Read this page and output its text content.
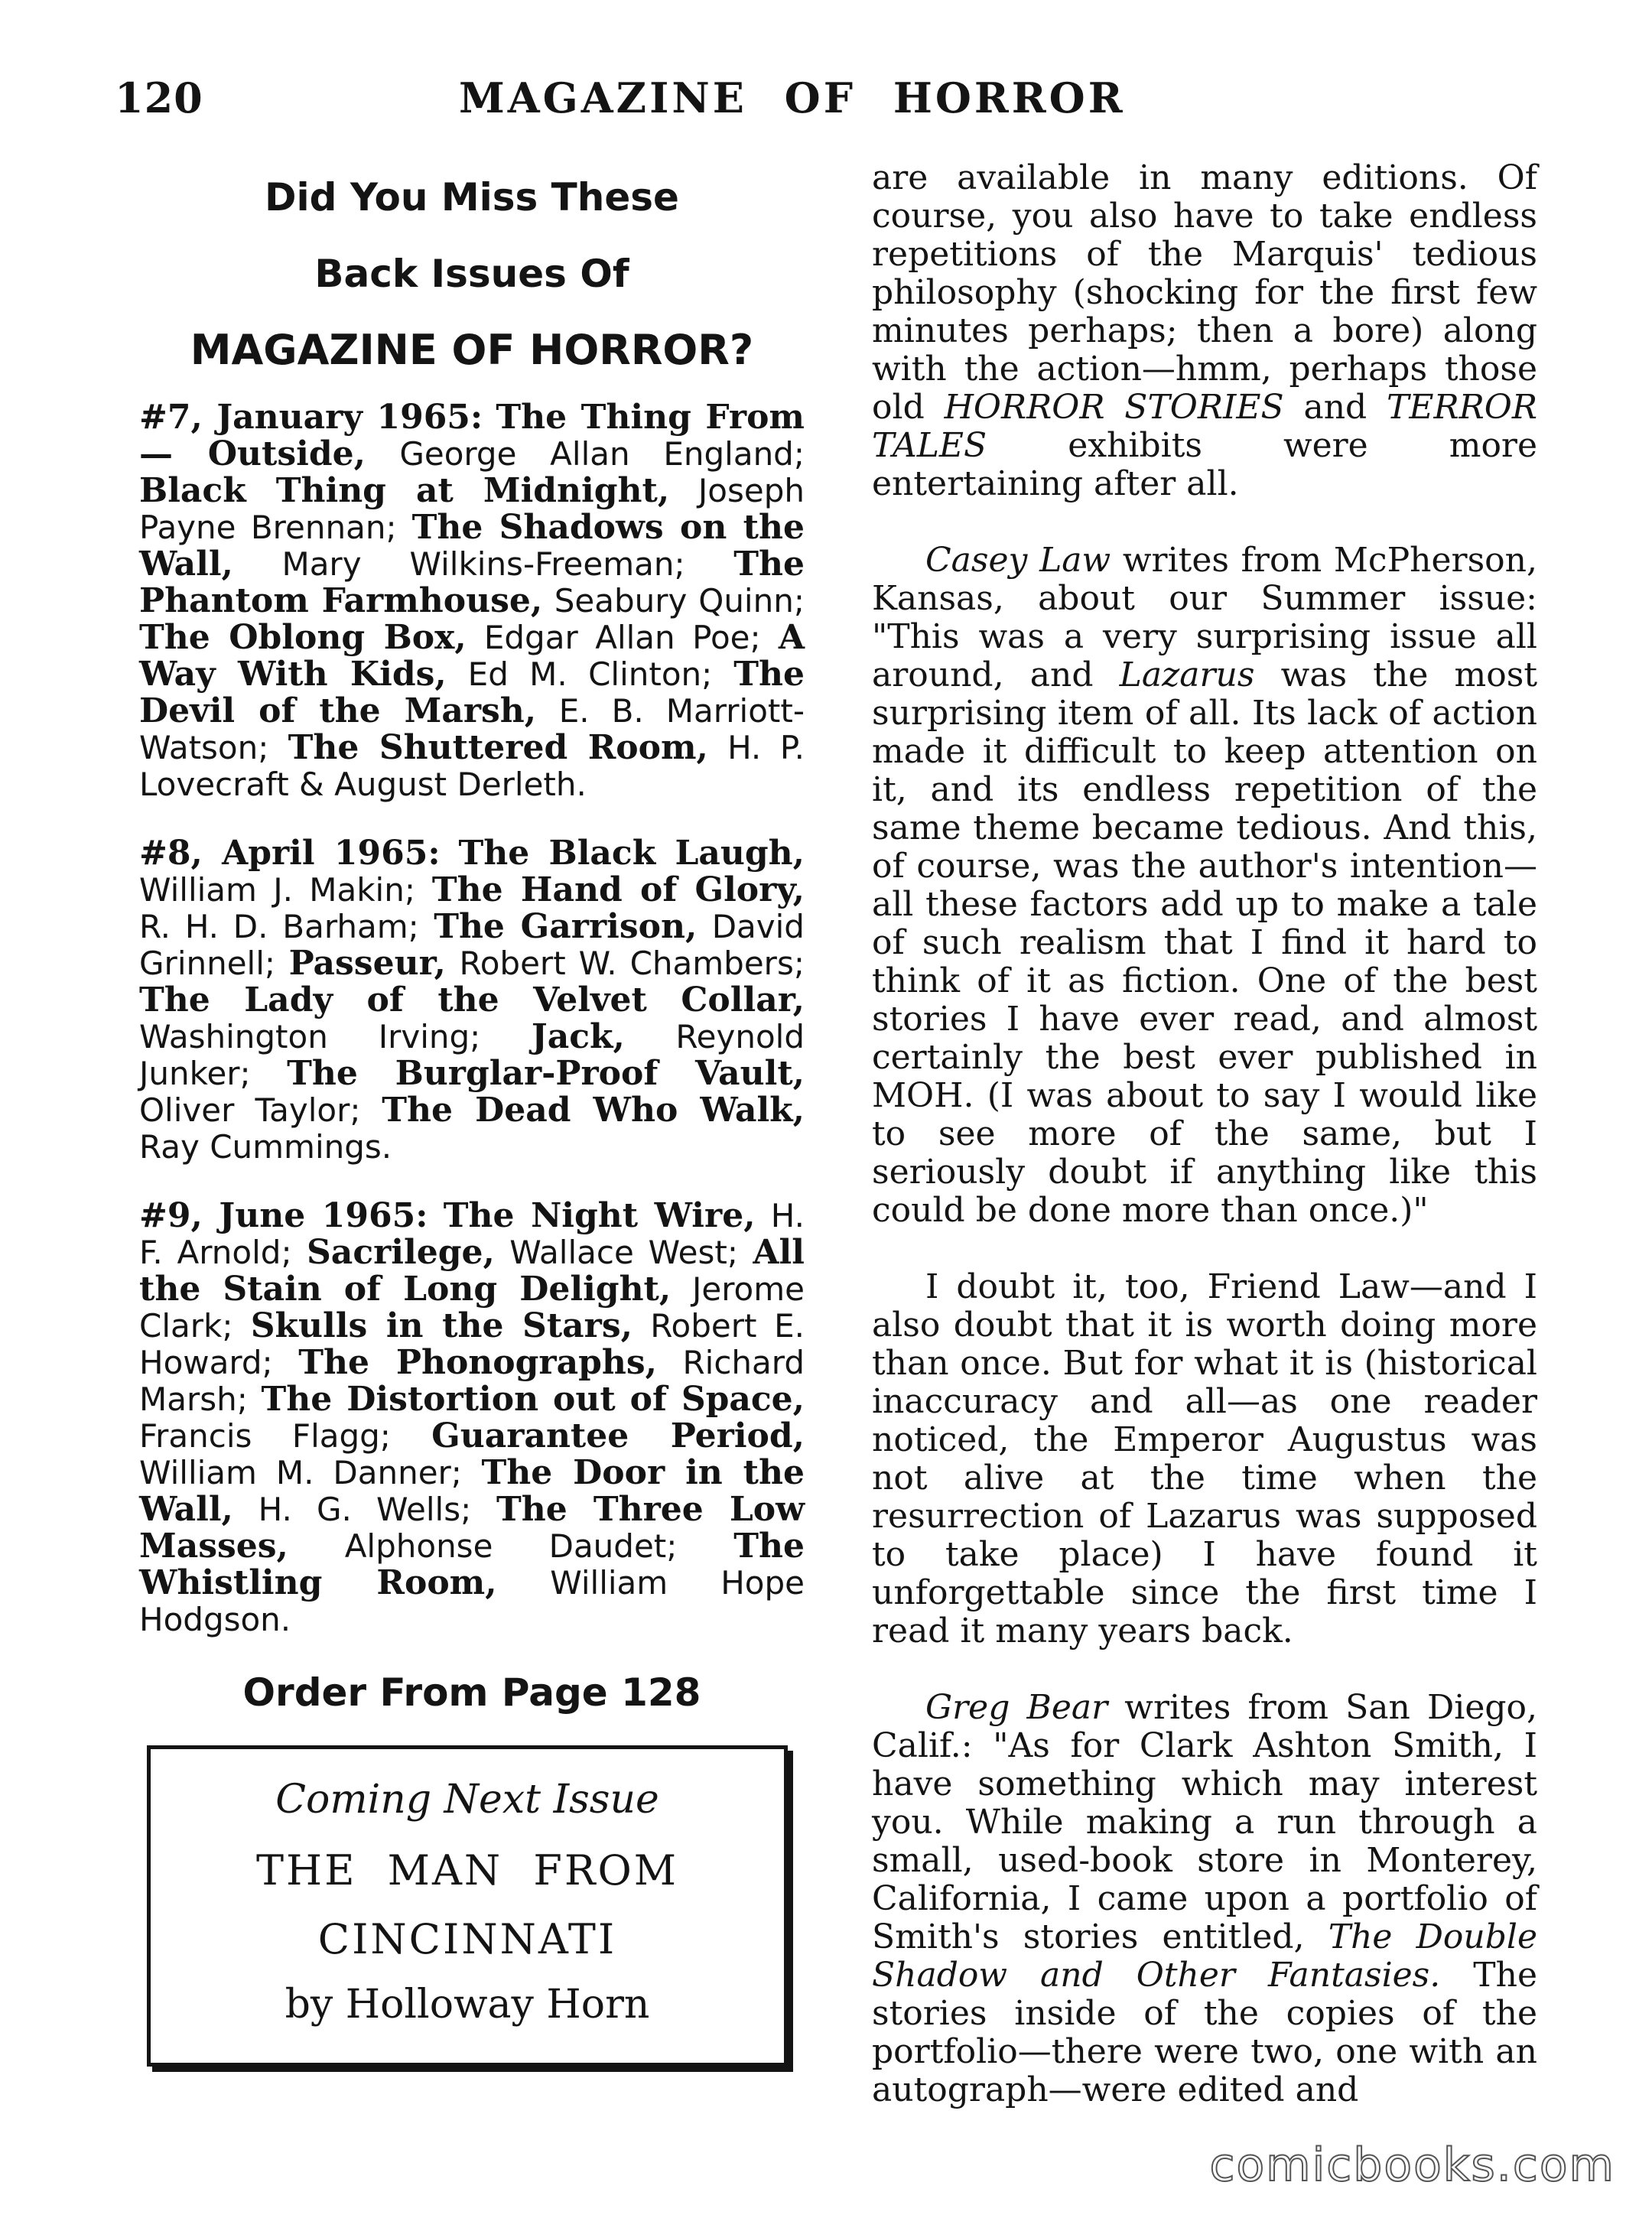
120	MAGAZINE OF HORROR
Did You Miss These
Back Issues Of
MAGAZINE OF HORROR?

#7, January 1965: The Thing From — Outside, George Allan England; Black Thing at Midnight, Joseph Payne Brennan; The Shadows on the Wall, Mary Wilkins-Freeman; The Phantom Farmhouse, Seabury Quinn; The Oblong Box, Edgar Allan Poe; A Way With Kids, Ed M. Clinton; The Devil of the Marsh, E. B. Marriott-Watson; The Shuttered Room, H. P. Lovecraft & August Derleth.

#8, April 1965: The Black Laugh, William J. Makin; The Hand of Glory, R. H. D. Barham; The Garrison, David Grinnell; Passeur, Robert W. Chambers; The Lady of the Velvet Collar, Washington Irving; Jack, Reynold Junker; The Burglar-Proof Vault, Oliver Taylor; The Dead Who Walk, Ray Cummings.

#9, June 1965: The Night Wire, H. F. Arnold; Sacrilege, Wallace West; All the Stain of Long Delight, Jerome Clark; Skulls in the Stars, Robert E. Howard; The Phonographs, Richard Marsh; The Distortion out of Space, Francis Flagg; Guarantee Period, William M. Danner; The Door in the Wall, H. G. Wells; The Three Low Masses, Alphonse Daudet; The Whistling Room, William Hope Hodgson.

Order From Page 128
Coming Next Issue
THE MAN FROM
CINCINNATI
by Holloway Horn

are available in many editions. Of course, you also have to take endless repetitions of the Marquis' tedious philosophy (shocking for the first few minutes perhaps; then a bore) along with the action—hmm, perhaps those old HORROR STORIES and TERROR TALES exhibits were more entertaining after all.

Casey Law writes from McPherson, Kansas, about our Summer issue: "This was a very surprising issue all around, and Lazarus was the most surprising item of all. Its lack of action made it difficult to keep attention on it, and its endless repetition of the same theme became tedious. And this, of course, was the author's intention—all these factors add up to make a tale of such realism that I find it hard to think of it as fiction. One of the best stories I have ever read, and almost certainly the best ever published in MOH. (I was about to say I would like to see more of the same, but I seriously doubt if anything like this could be done more than once.)"

I doubt it, too, Friend Law—and I also doubt that it is worth doing more than once. But for what it is (historical inaccuracy and all—as one reader noticed, the Emperor Augustus was not alive at the time when the resurrection of Lazarus was supposed to take place) I have found it unforgettable since the first time I read it many years back.

Greg Bear writes from San Diego, Calif.: "As for Clark Ashton Smith, I have something which may interest you. While making a run through a small, used-book store in Monterey, California, I came upon a portfolio of Smith's stories entitled, The Double Shadow and Other Fantasies. The stories inside of the copies of the portfolio—there were two, one with an autograph—were edited and

comicbooks.com
